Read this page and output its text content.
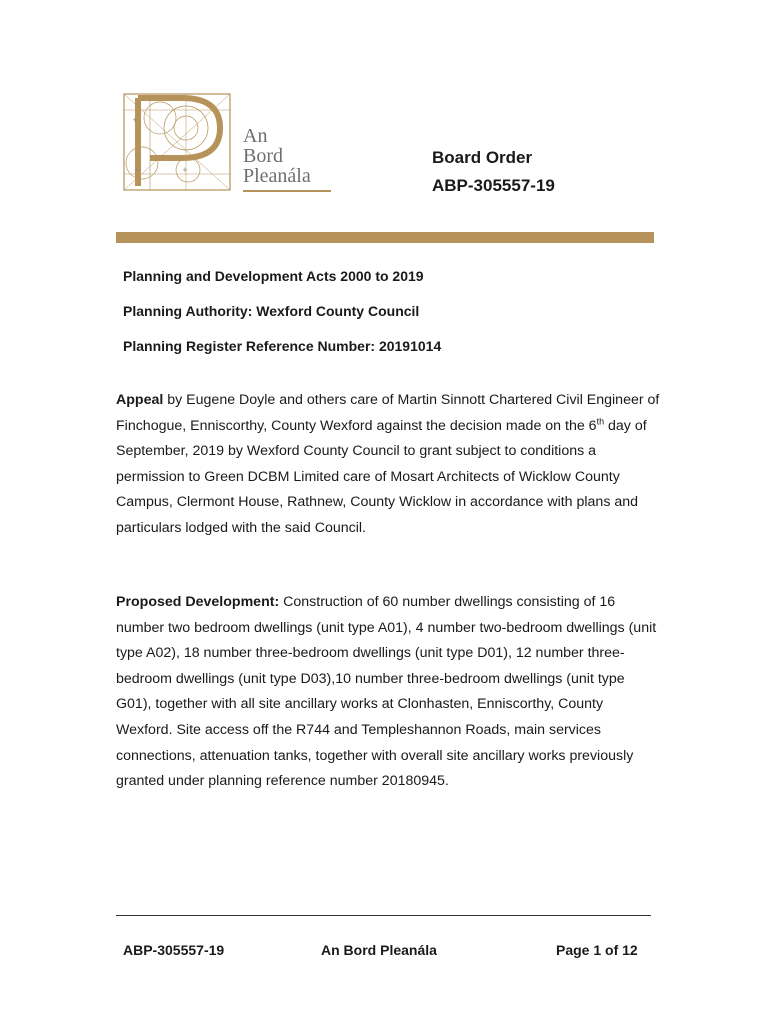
+
+	+
An
Bord
Pleanála
Board Order
ABP-305557-19
Planning and Development Acts 2000 to 2019
Planning Authority: Wexford County Council
Planning Register Reference Number: 20191014

Appeal by Eugene Doyle and others care of Martin Sinnott Chartered Civil Engineer of Finchogue, Enniscorthy, County Wexford against the decision made on the 6th day of September, 2019 by Wexford County Council to grant subject to conditions a permission to Green DCBM Limited care of Mosart Architects of Wicklow County Campus, Clermont House, Rathnew, County Wicklow in accordance with plans and particulars lodged with the said Council.

Proposed Development: Construction of 60 number dwellings consisting of 16 number two bedroom dwellings (unit type A01), 4 number two-bedroom dwellings (unit type A02), 18 number three-bedroom dwellings (unit type D01), 12 number three-bedroom dwellings (unit type D03),10 number three-bedroom dwellings (unit type G01), together with all site ancillary works at Clonhasten, Enniscorthy, County Wexford. Site access off the R744 and Templeshannon Roads, main services connections, attenuation tanks, together with overall site ancillary works previously granted under planning reference number 20180945.

ABP-305557-19	An Bord Pleanála	Page 1 of 12
